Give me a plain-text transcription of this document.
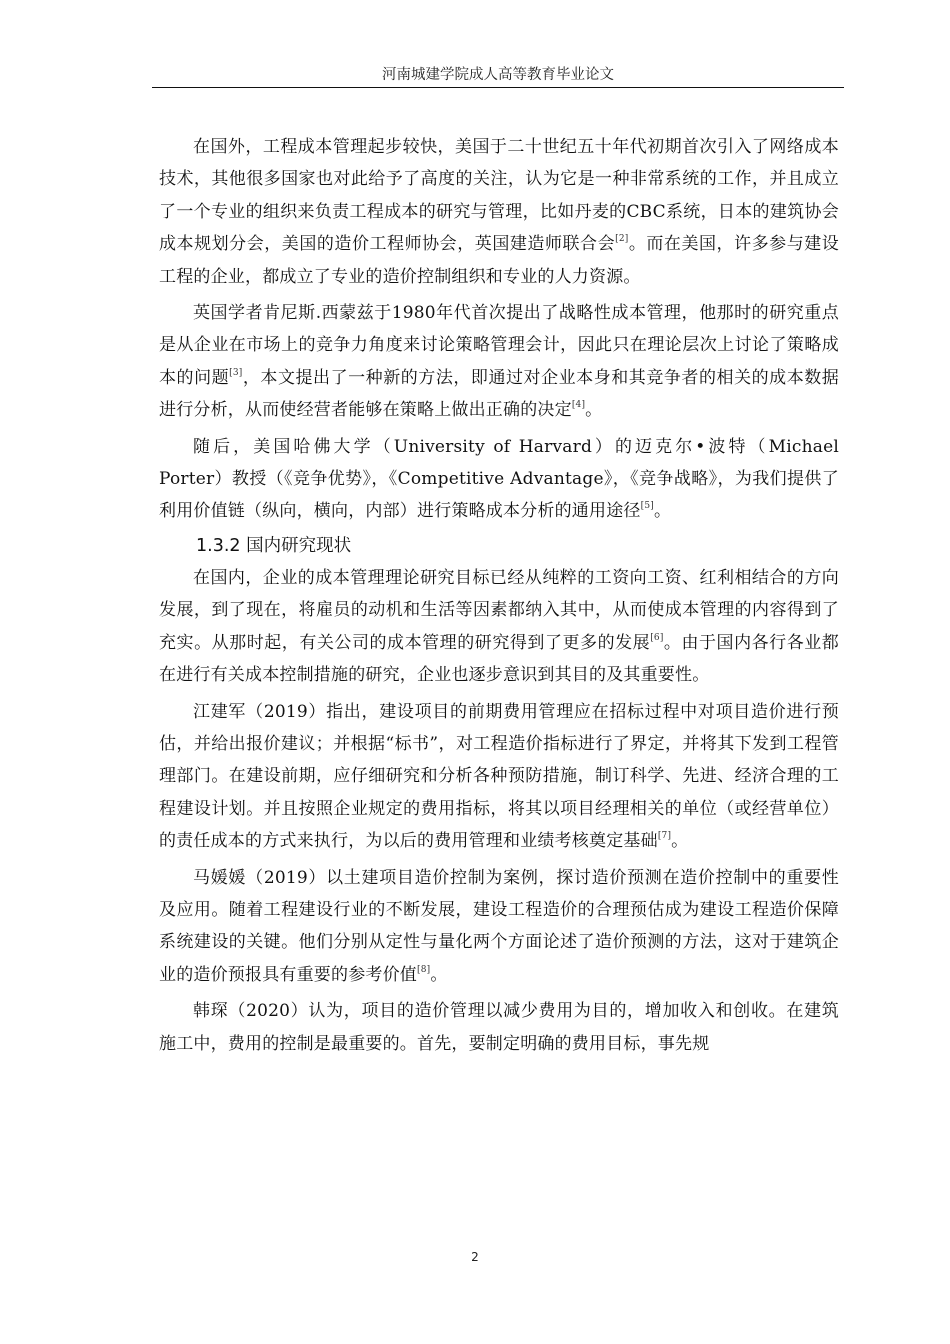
河南城建学院成人高等教育毕业论文

在国外，工程成本管理起步较快，美国于二十世纪五十年代初期首次引入了网络成本技术，其他很多国家也对此给予了高度的关注，认为它是一种非常系统的工作，并且成立了一个专业的组织来负责工程成本的研究与管理，比如丹麦的CBC系统，日本的建筑协会成本规划分会，美国的造价工程师协会，英国建造师联合会[2]。而在美国，许多参与建设工程的企业，都成立了专业的造价控制组织和专业的人力资源。

英国学者肯尼斯.西蒙兹于1980年代首次提出了战略性成本管理，他那时的研究重点是从企业在市场上的竞争力角度来讨论策略管理会计，因此只在理论层次上讨论了策略成本的问题[3]，本文提出了一种新的方法，即通过对企业本身和其竞争者的相关的成本数据进行分析，从而使经营者能够在策略上做出正确的决定[4]。

随后，美国哈佛大学（University of Harvard）的迈克尔•波特（Michael Porter）教授（《竞争优势》，《Competitive Advantage》，《竞争战略》，为我们提供了利用价值链（纵向，横向，内部）进行策略成本分析的通用途径[5]。

1.3.2 国内研究现状

在国内，企业的成本管理理论研究目标已经从纯粹的工资向工资、红利相结合的方向发展，到了现在，将雇员的动机和生活等因素都纳入其中，从而使成本管理的内容得到了充实。从那时起，有关公司的成本管理的研究得到了更多的发展[6]。由于国内各行各业都在进行有关成本控制措施的研究，企业也逐步意识到其目的及其重要性。

江建军（2019）指出，建设项目的前期费用管理应在招标过程中对项目造价进行预估，并给出报价建议；并根据“标书”，对工程造价指标进行了界定，并将其下发到工程管理部门。在建设前期，应仔细研究和分析各种预防措施，制订科学、先进、经济合理的工程建设计划。并且按照企业规定的费用指标，将其以项目经理相关的单位（或经营单位）的责任成本的方式来执行，为以后的费用管理和业绩考核奠定基础[7]。

马媛媛（2019）以土建项目造价控制为案例，探讨造价预测在造价控制中的重要性及应用。随着工程建设行业的不断发展，建设工程造价的合理预估成为建设工程造价保障系统建设的关键。他们分别从定性与量化两个方面论述了造价预测的方法，这对于建筑企业的造价预报具有重要的参考价值[8]。

韩琛（2020）认为，项目的造价管理以减少费用为目的，增加收入和创收。在建筑施工中，费用的控制是最重要的。首先，要制定明确的费用目标，事先规

2
